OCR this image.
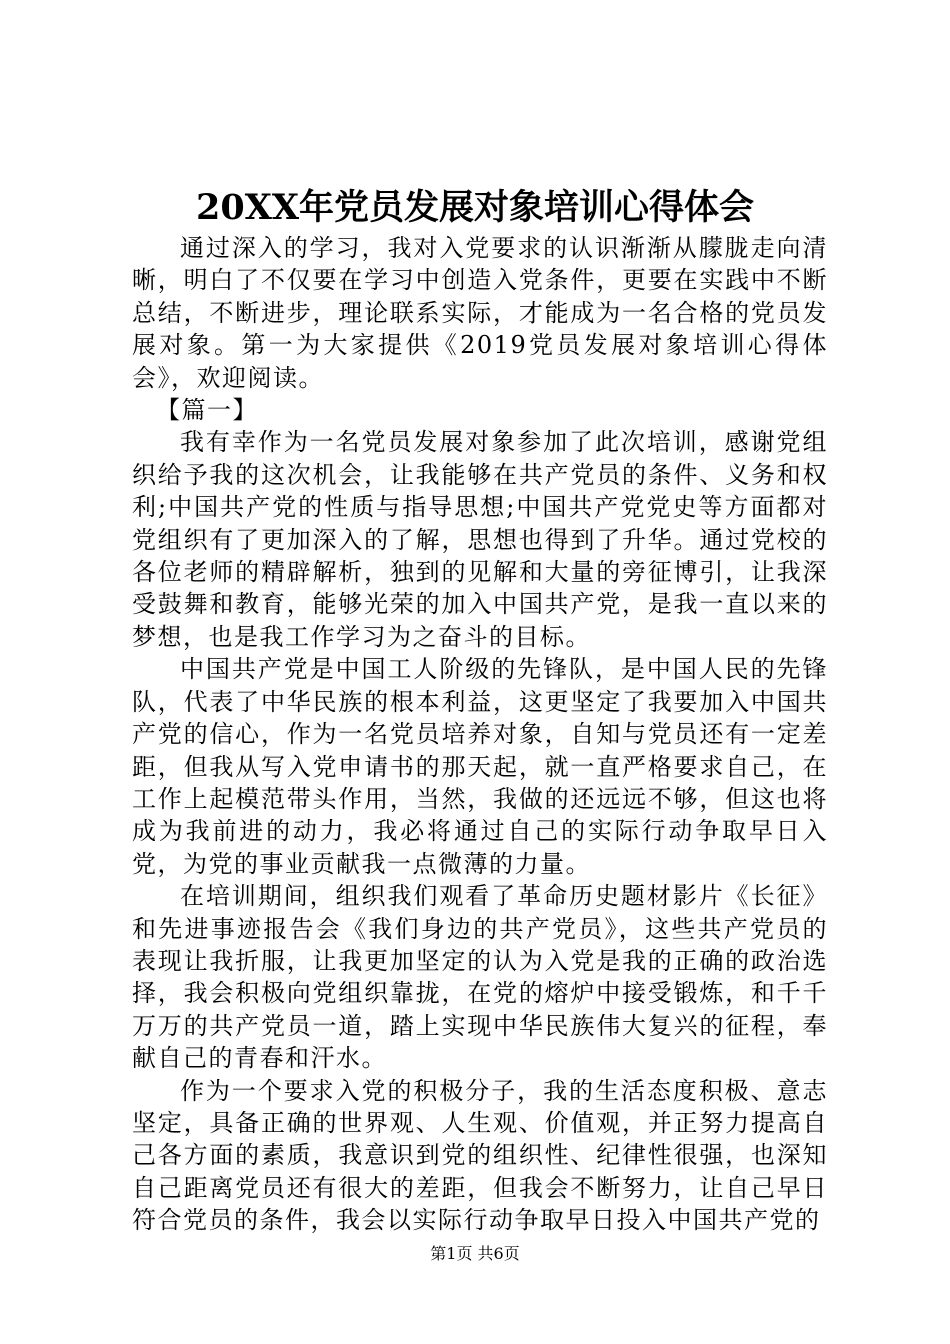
20XX年党员发展对象培训心得体会

通过深入的学习，我对入党要求的认识渐渐从朦胧走向清晰，明白了不仅要在学习中创造入党条件，更要在实践中不断总结，不断进步，理论联系实际，才能成为一名合格的党员发展对象。第一为大家提供《2019党员发展对象培训心得体会》，欢迎阅读。

【篇一】

我有幸作为一名党员发展对象参加了此次培训，感谢党组织给予我的这次机会，让我能够在共产党员的条件、义务和权利;中国共产党的性质与指导思想;中国共产党党史等方面都对党组织有了更加深入的了解，思想也得到了升华。通过党校的各位老师的精辟解析，独到的见解和大量的旁征博引，让我深受鼓舞和教育，能够光荣的加入中国共产党，是我一直以来的梦想，也是我工作学习为之奋斗的目标。

中国共产党是中国工人阶级的先锋队，是中国人民的先锋队，代表了中华民族的根本利益，这更坚定了我要加入中国共产党的信心，作为一名党员培养对象，自知与党员还有一定差距，但我从写入党申请书的那天起，就一直严格要求自己，在工作上起模范带头作用，当然，我做的还远远不够，但这也将成为我前进的动力，我必将通过自己的实际行动争取早日入党，为党的事业贡献我一点微薄的力量。

在培训期间，组织我们观看了革命历史题材影片《长征》和先进事迹报告会《我们身边的共产党员》，这些共产党员的表现让我折服，让我更加坚定的认为入党是我的正确的政治选择，我会积极向党组织靠拢，在党的熔炉中接受锻炼，和千千万万的共产党员一道，踏上实现中华民族伟大复兴的征程，奉献自己的青春和汗水。

作为一个要求入党的积极分子，我的生活态度积极、意志坚定，具备正确的世界观、人生观、价值观，并正努力提高自己各方面的素质，我意识到党的组织性、纪律性很强，也深知自己距离党员还有很大的差距，但我会不断努力，让自己早日符合党员的条件，我会以实际行动争取早日投入中国共产党的

第1页 共6页
